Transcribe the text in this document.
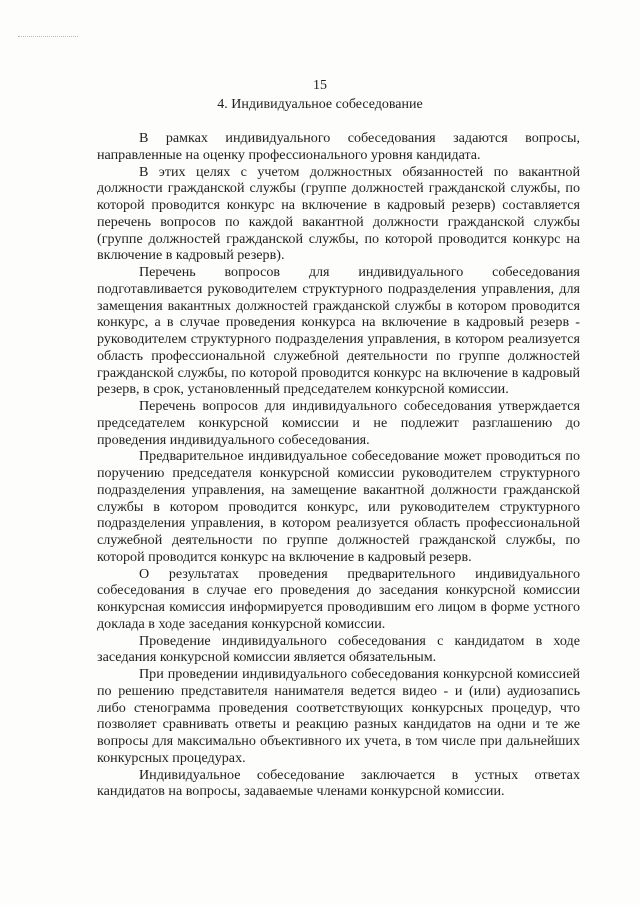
15
4. Индивидуальное собеседование

В рамках индивидуального собеседования задаются вопросы, направленные на оценку профессионального уровня кандидата.

В этих целях с учетом должностных обязанностей по вакантной должности гражданской службы (группе должностей гражданской службы, по которой проводится конкурс на включение в кадровый резерв) составляется перечень вопросов по каждой вакантной должности гражданской службы (группе должностей гражданской службы, по которой проводится конкурс на включение в кадровый резерв).

Перечень вопросов для индивидуального собеседования подготавливается руководителем структурного подразделения управления, для замещения вакантных должностей гражданской службы в котором проводится конкурс, а в случае проведения конкурса на включение в кадровый резерв - руководителем структурного подразделения управления, в котором реализуется область профессиональной служебной деятельности по группе должностей гражданской службы, по которой проводится конкурс на включение в кадровый резерв, в срок, установленный председателем конкурсной комиссии.

Перечень вопросов для индивидуального собеседования утверждается председателем конкурсной комиссии и не подлежит разглашению до проведения индивидуального собеседования.

Предварительное индивидуальное собеседование может проводиться по поручению председателя конкурсной комиссии руководителем структурного подразделения управления, на замещение вакантной должности гражданской службы в котором проводится конкурс, или руководителем структурного подразделения управления, в котором реализуется область профессиональной служебной деятельности по группе должностей гражданской службы, по которой проводится конкурс на включение в кадровый резерв.

О результатах проведения предварительного индивидуального собеседования в случае его проведения до заседания конкурсной комиссии конкурсная комиссия информируется проводившим его лицом в форме устного доклада в ходе заседания конкурсной комиссии.

Проведение индивидуального собеседования с кандидатом в ходе заседания конкурсной комиссии является обязательным.

При проведении индивидуального собеседования конкурсной комиссией по решению представителя нанимателя ведется видео - и (или) аудиозапись либо стенограмма проведения соответствующих конкурсных процедур, что позволяет сравнивать ответы и реакцию разных кандидатов на одни и те же вопросы для максимально объективного их учета, в том числе при дальнейших конкурсных процедурах.

Индивидуальное собеседование заключается в устных ответах кандидатов на вопросы, задаваемые членами конкурсной комиссии.
